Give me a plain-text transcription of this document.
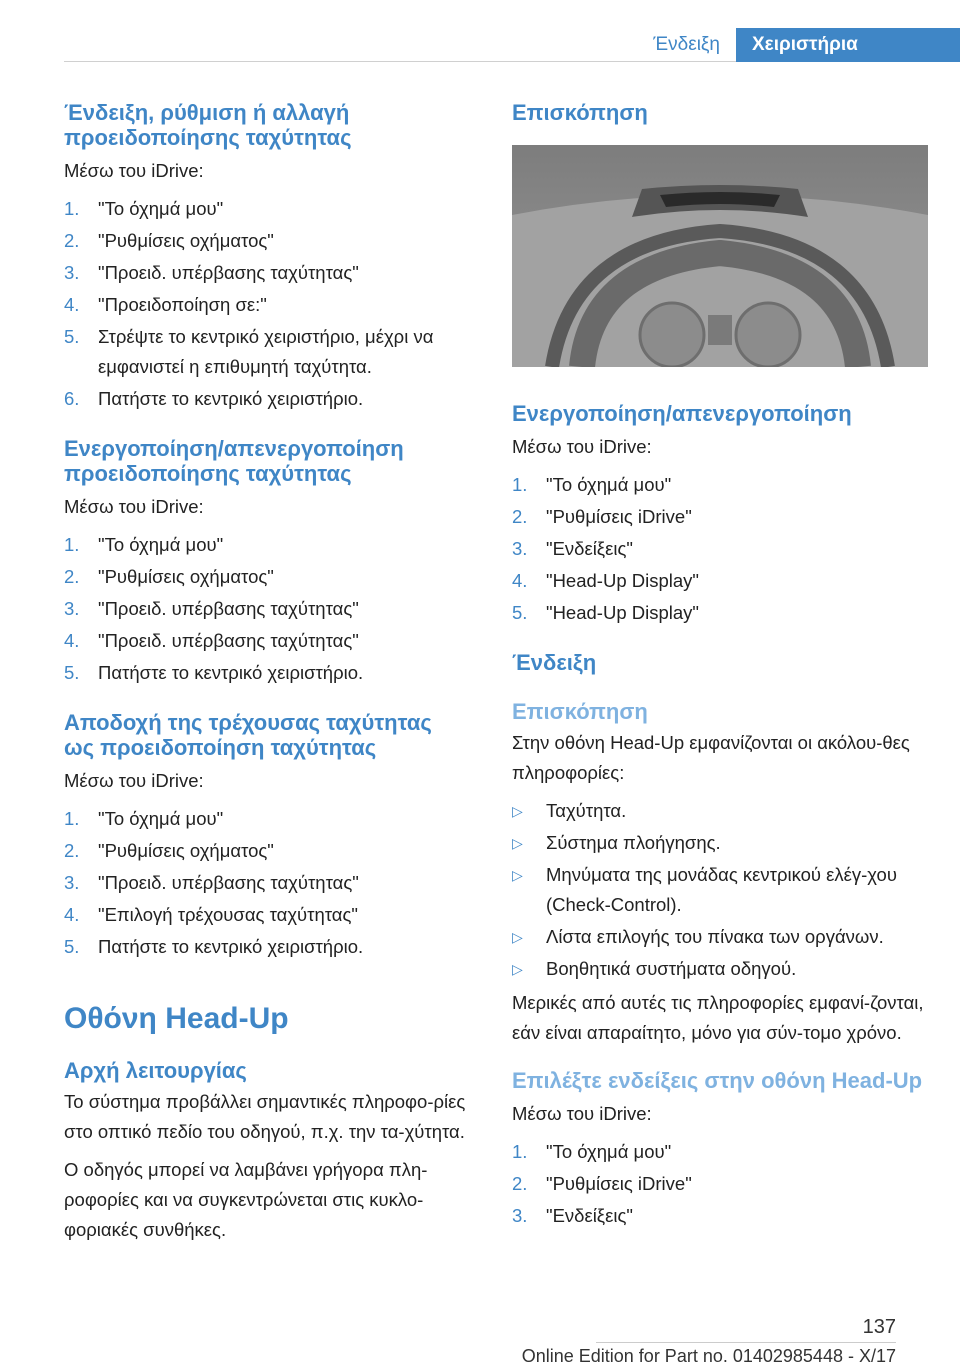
Ένδειξη	Χειριστήρια
Ένδειξη, ρύθμιση ή αλλαγή προειδοποίησης ταχύτητας
Μέσω του iDrive:
1. "Το όχημά μου"
2. "Ρυθμίσεις οχήματος"
3. "Προειδ. υπέρβασης ταχύτητας"
4. "Προειδοποίηση σε:"
5. Στρέψτε το κεντρικό χειριστήριο, μέχρι να εμφανιστεί η επιθυμητή ταχύτητα.
6. Πατήστε το κεντρικό χειριστήριο.
Ενεργοποίηση/απενεργοποίηση προειδοποίησης ταχύτητας
Μέσω του iDrive:
1. "Το όχημά μου"
2. "Ρυθμίσεις οχήματος"
3. "Προειδ. υπέρβασης ταχύτητας"
4. "Προειδ. υπέρβασης ταχύτητας"
5. Πατήστε το κεντρικό χειριστήριο.
Αποδοχή της τρέχουσας ταχύτητας ως προειδοποίηση ταχύτητας
Μέσω του iDrive:
1. "Το όχημά μου"
2. "Ρυθμίσεις οχήματος"
3. "Προειδ. υπέρβασης ταχύτητας"
4. "Επιλογή τρέχουσας ταχύτητας"
5. Πατήστε το κεντρικό χειριστήριο.
Οθόνη Head-Up
Αρχή λειτουργίας
Το σύστημα προβάλλει σημαντικές πληροφο-ρίες στο οπτικό πεδίο του οδηγού, π.χ. την τα-χύτητα.
Ο οδηγός μπορεί να λαμβάνει γρήγορα πλη-ροφορίες και να συγκεντρώνεται στις κυκλο-φοριακές συνθήκες.
Επισκόπηση
Ενεργοποίηση/απενεργοποίηση
Μέσω του iDrive:
1. "Το όχημά μου"
2. "Ρυθμίσεις iDrive"
3. "Ενδείξεις"
4. "Head-Up Display"
5. "Head-Up Display"
Ένδειξη
Επισκόπηση
Στην οθόνη Head-Up εμφανίζονται οι ακόλου-θες πληροφορίες:
▷ Ταχύτητα.
▷ Σύστημα πλοήγησης.
▷ Μηνύματα της μονάδας κεντρικού ελέγ-χου (Check-Control).
▷ Λίστα επιλογής του πίνακα των οργάνων.
▷ Βοηθητικά συστήματα οδηγού.
Μερικές από αυτές τις πληροφορίες εμφανί-ζονται, εάν είναι απαραίτητο, μόνο για σύν-τομο χρόνο.
Επιλέξτε ενδείξεις στην οθόνη Head-Up
Μέσω του iDrive:
1. "Το όχημά μου"
2. "Ρυθμίσεις iDrive"
3. "Ενδείξεις"
137
Online Edition for Part no. 01402985448 - X/17
